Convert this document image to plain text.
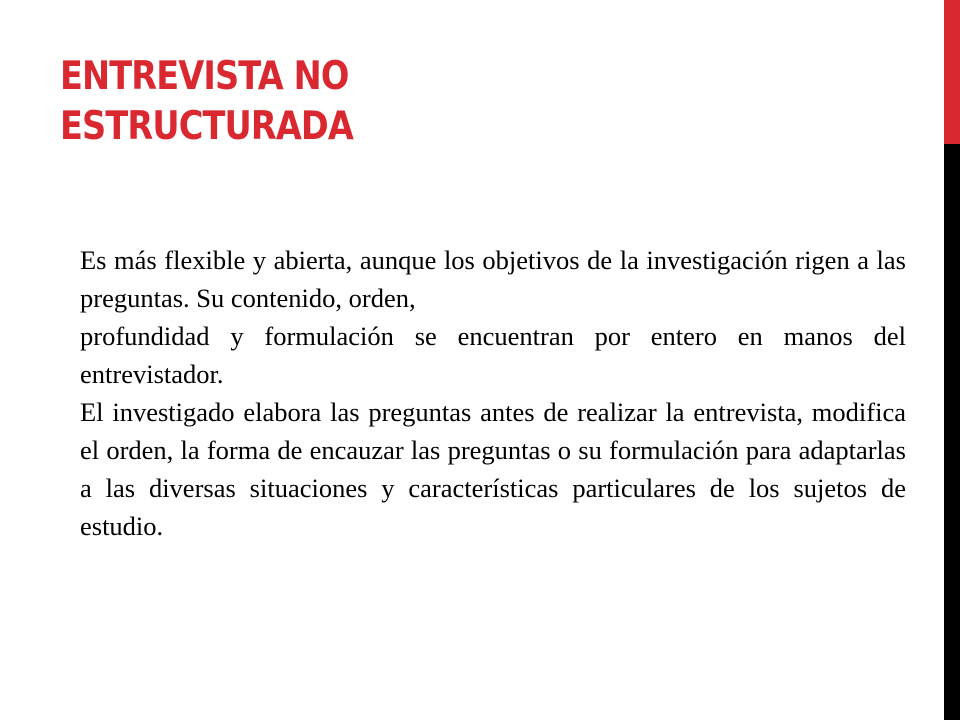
ENTREVISTA NO
ESTRUCTURADA

Es más flexible y abierta, aunque los objetivos de la investigación rigen a las preguntas. Su contenido, orden,

profundidad y formulación se encuentran por entero en manos del entrevistador.

El investigado elabora las preguntas antes de realizar la entrevista, modifica el orden, la forma de encauzar las preguntas o su formulación para adaptarlas a las diversas situaciones y características particulares de los sujetos de estudio.
